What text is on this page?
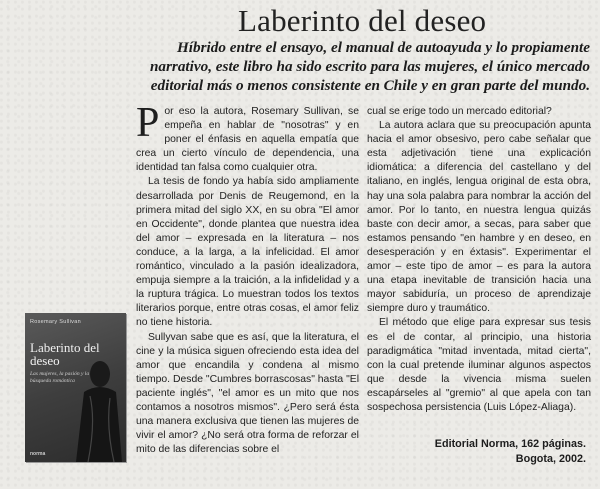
Laberinto del deseo
Híbrido entre el ensayo, el manual de autoayuda y lo propiamente narrativo, este libro ha sido escrito para las mujeres, el único mercado editorial más o menos consistente en Chile y en gran parte del mundo.

Por eso la autora, Rosemary Sullivan, se empeña en hablar de "nosotras" y en poner el énfasis en aquella empatía que crea un cierto vínculo de dependencia, una identidad tan falsa como cualquier otra.

La tesis de fondo ya había sido ampliamente desarrollada por Denis de Reugemond, en la primera mitad del siglo XX, en su obra "El amor en Occidente", donde plantea que nuestra idea del amor – expresada en la literatura – nos conduce, a la larga, a la infelicidad. El amor romántico, vinculado a la pasión idealizadora, empuja siempre a la traición, a la infidelidad y a la ruptura trágica. Lo muestran todos los textos literarios porque, entre otras cosas, el amor feliz no tiene historia.

Sullyvan sabe que es así, que la literatura, el cine y la música siguen ofreciendo esta idea del amor que encandila y condena al mismo tiempo. Desde "Cumbres borrascosas" hasta "El paciente inglés", "el amor es un mito que nos contamos a nosotros mismos". ¿Pero será ésta una manera exclusiva que tienen las mujeres de vivir el amor? ¿No será otra forma de reforzar el mito de las diferencias sobre el

cual se erige todo un mercado editorial?

La autora aclara que su preocupación apunta hacia el amor obsesivo, pero cabe señalar que esta adjetivación tiene una explicación idiomática: a diferencia del castellano y del italiano, en inglés, lengua original de esta obra, hay una sola palabra para nombrar la acción del amor. Por lo tanto, en nuestra lengua quizás baste con decir amor, a secas, para saber que estamos pensando "en hambre y en deseo, en desesperación y en éxtasis". Experimentar el amor – este tipo de amor – es para la autora una etapa inevitable de transición hacia una mayor sabiduría, un proceso de aprendizaje siempre duro y traumático.

El método que elige para expresar sus tesis es el de contar, al principio, una historia paradigmática "mitad inventada, mitad cierta", con la cual pretende iluminar algunos aspectos que desde la vivencia misma suelen escapárseles al "gremio" al que apela con tan sospechosa persistencia (Luis López-Aliaga).

Editorial Norma, 162 páginas.
Bogota, 2002.
Rosemary Sullivan
Laberinto del deseo
Las mujeres, la pasión y la búsqueda romántica
norma
